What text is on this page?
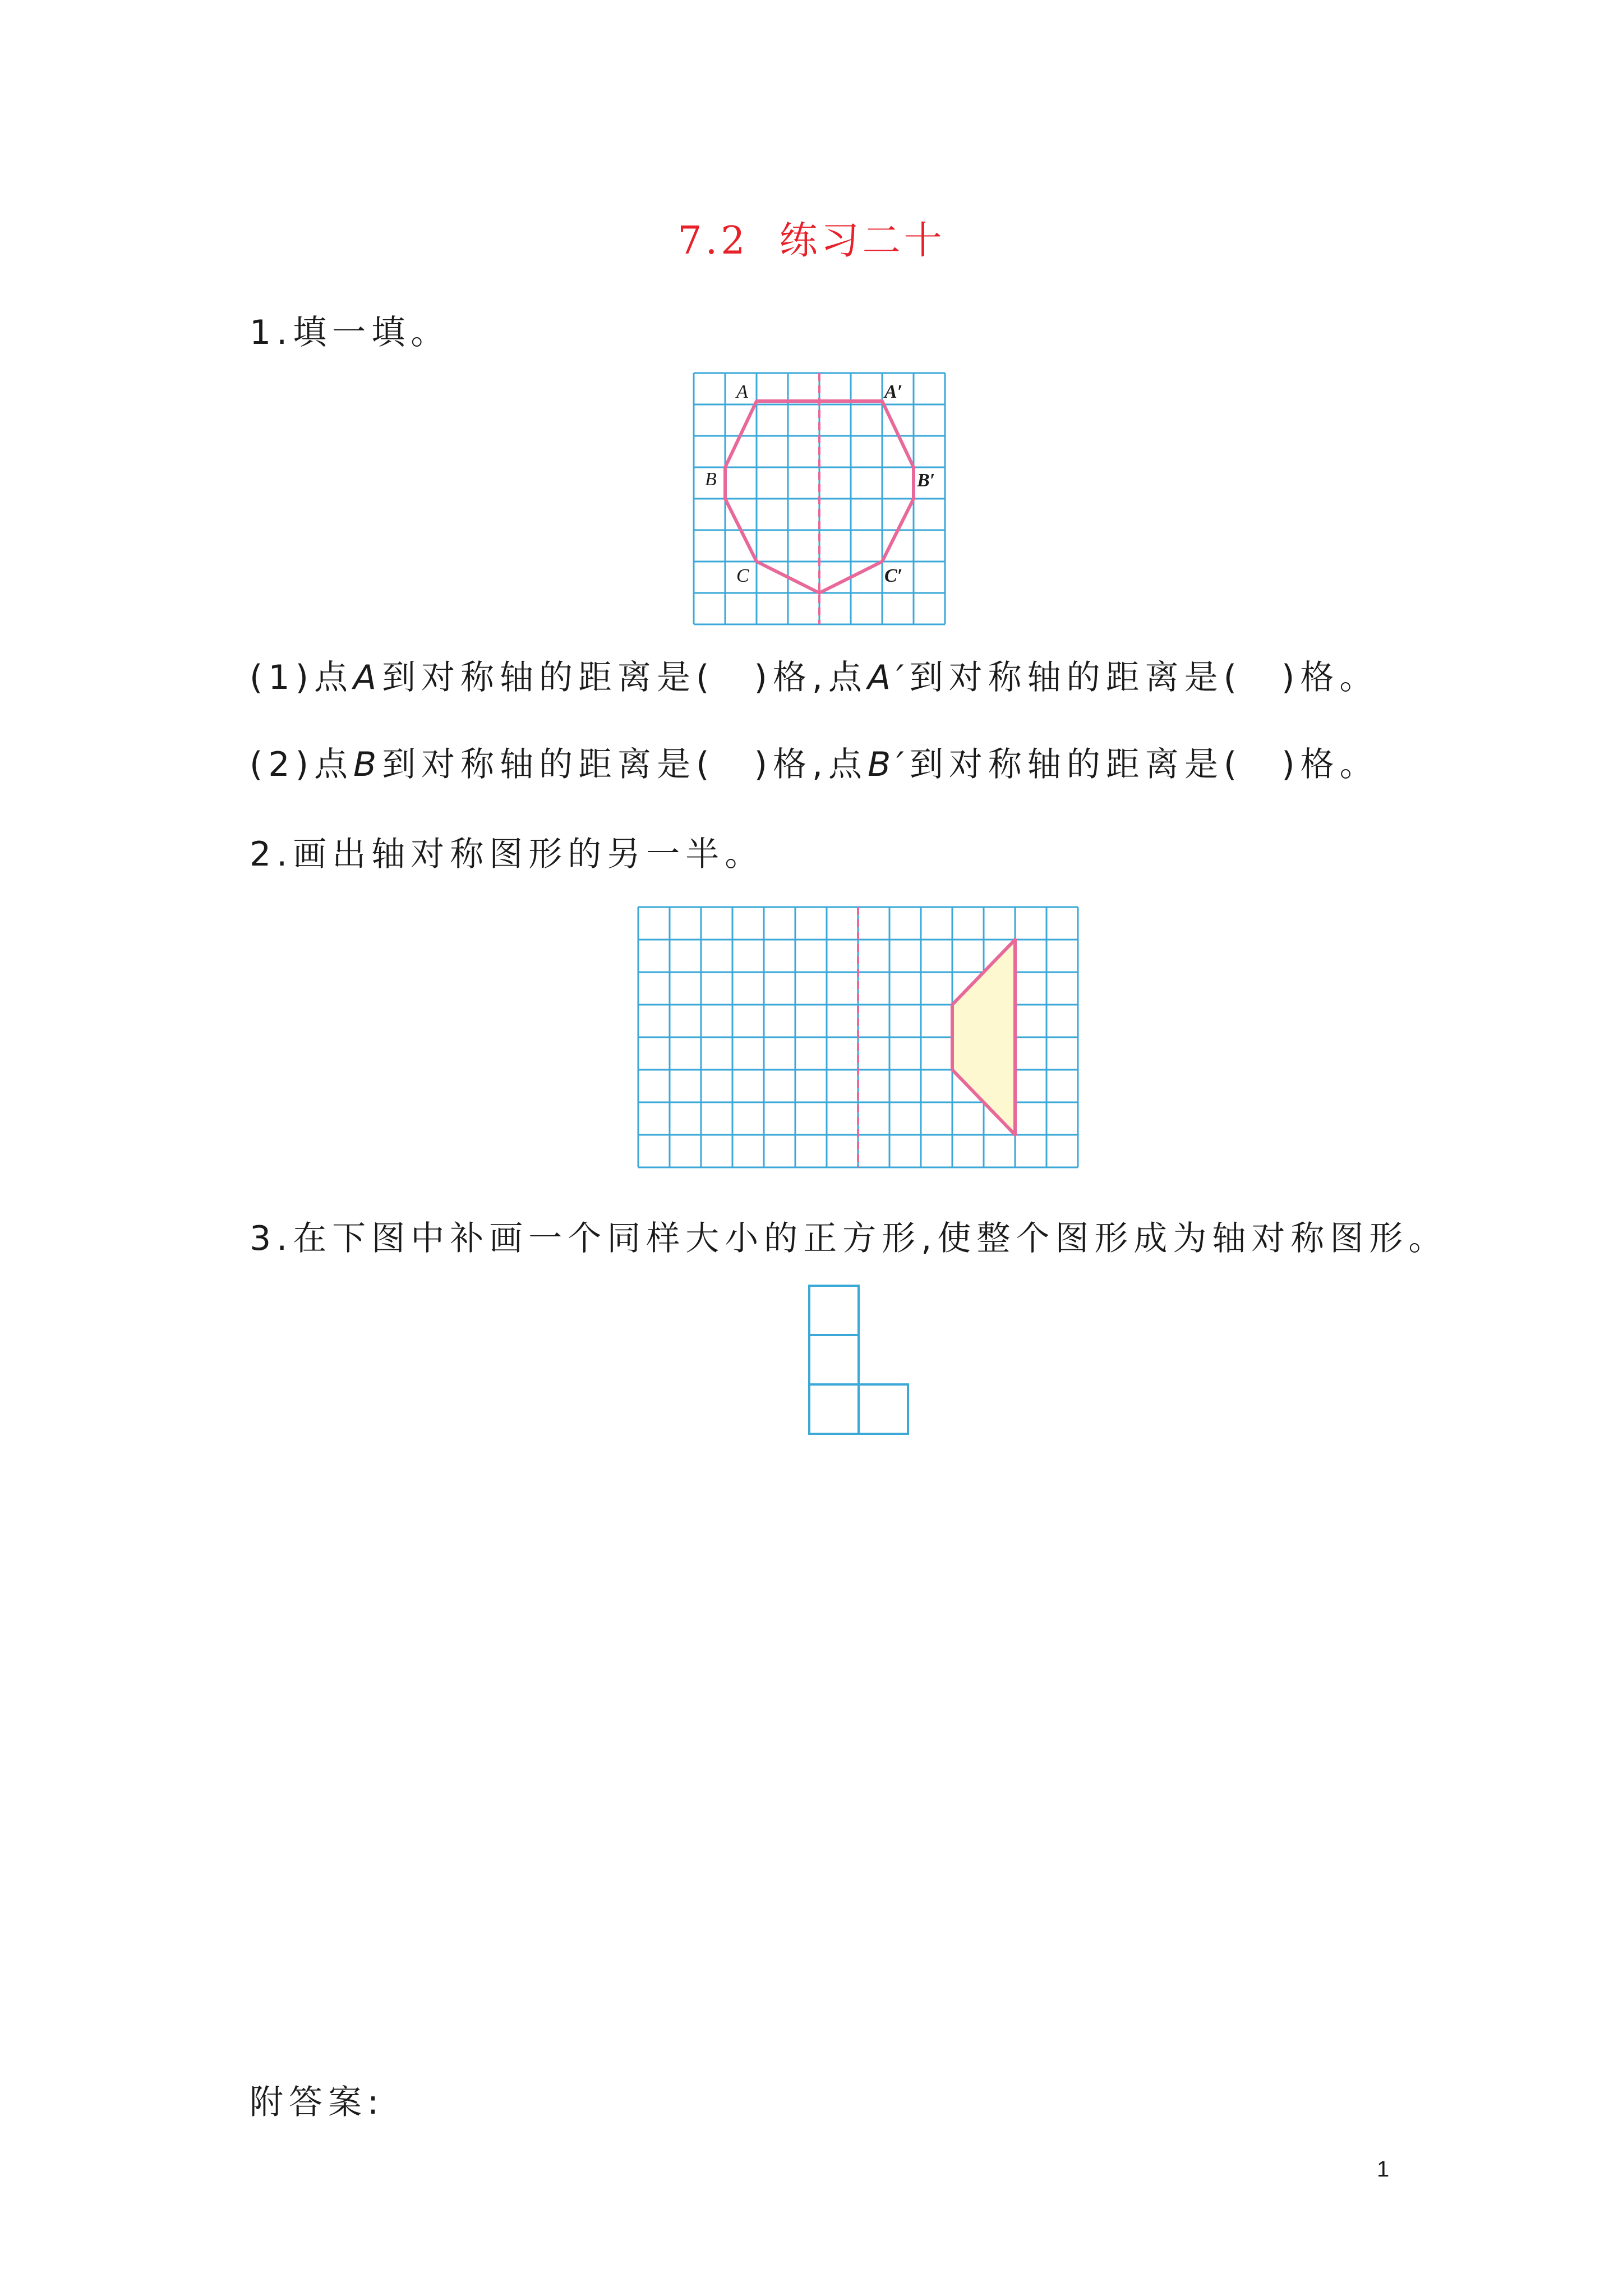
7.2 练习二十
1.填一填。
A	A′
B	B′
C	C′
(1)点A到对称轴的距离是(　)格,点A′到对称轴的距离是(　)格。
(2)点B到对称轴的距离是(　)格,点B′到对称轴的距离是(　)格。
2.画出轴对称图形的另一半。
3.在下图中补画一个同样大小的正方形,使整个图形成为轴对称图形。
附答案:
1
